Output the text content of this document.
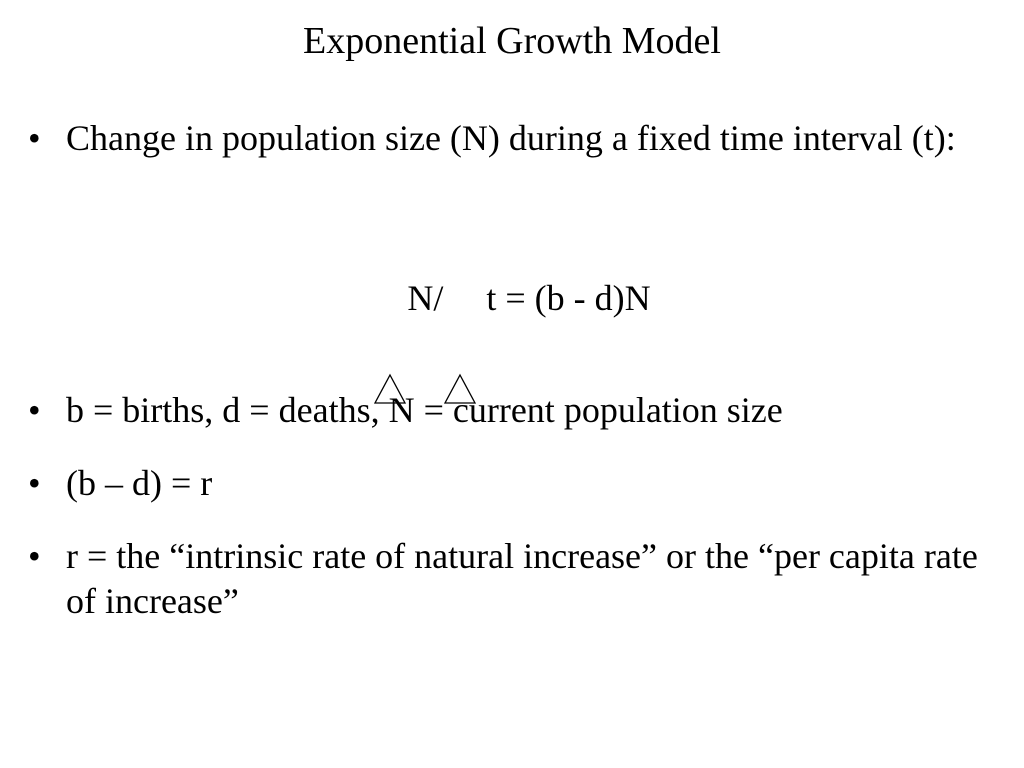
Exponential Growth Model
• Change in population size (N) during a fixed time interval (t):

N/

t = (b - d)N
• b = births, d = deaths, N = current population size
• (b – d) = r
• r = the “intrinsic rate of natural increase” or the “per capita rate of increase”
